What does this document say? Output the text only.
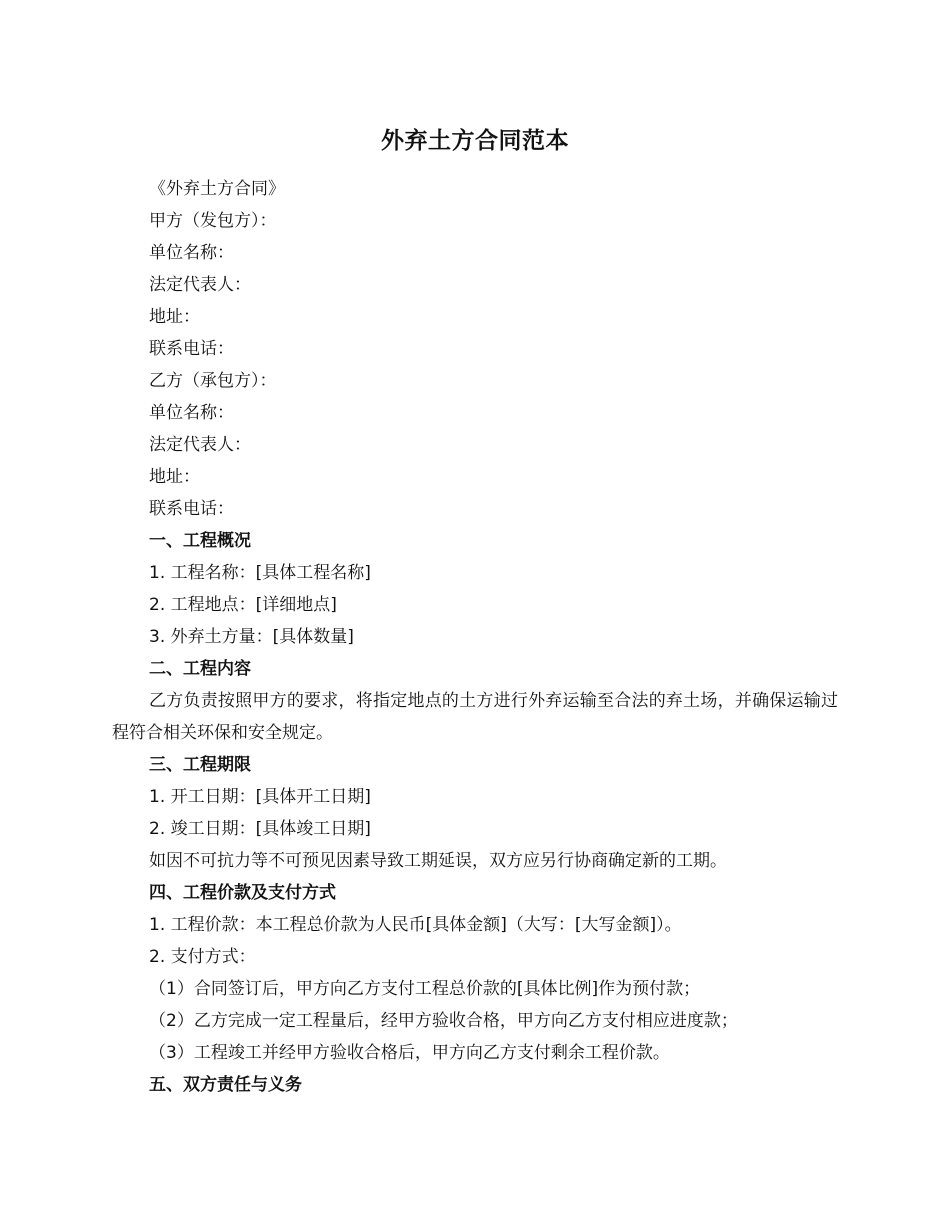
外弃土方合同范本
《外弃土方合同》
甲方（发包方）：
单位名称：
法定代表人：
地址：
联系电话：
乙方（承包方）：
单位名称：
法定代表人：
地址：
联系电话：
一、工程概况
1. 工程名称：[具体工程名称]
2. 工程地点：[详细地点]
3. 外弃土方量：[具体数量]
二、工程内容
乙方负责按照甲方的要求，将指定地点的土方进行外弃运输至合法的弃土场，并确保运输过程符合相关环保和安全规定。
三、工程期限
1. 开工日期：[具体开工日期]
2. 竣工日期：[具体竣工日期]
如因不可抗力等不可预见因素导致工期延误，双方应另行协商确定新的工期。
四、工程价款及支付方式
1. 工程价款：本工程总价款为人民币[具体金额]（大写：[大写金额]）。
2. 支付方式：
（1）合同签订后，甲方向乙方支付工程总价款的[具体比例]作为预付款；
（2）乙方完成一定工程量后，经甲方验收合格，甲方向乙方支付相应进度款；
（3）工程竣工并经甲方验收合格后，甲方向乙方支付剩余工程价款。
五、双方责任与义务
